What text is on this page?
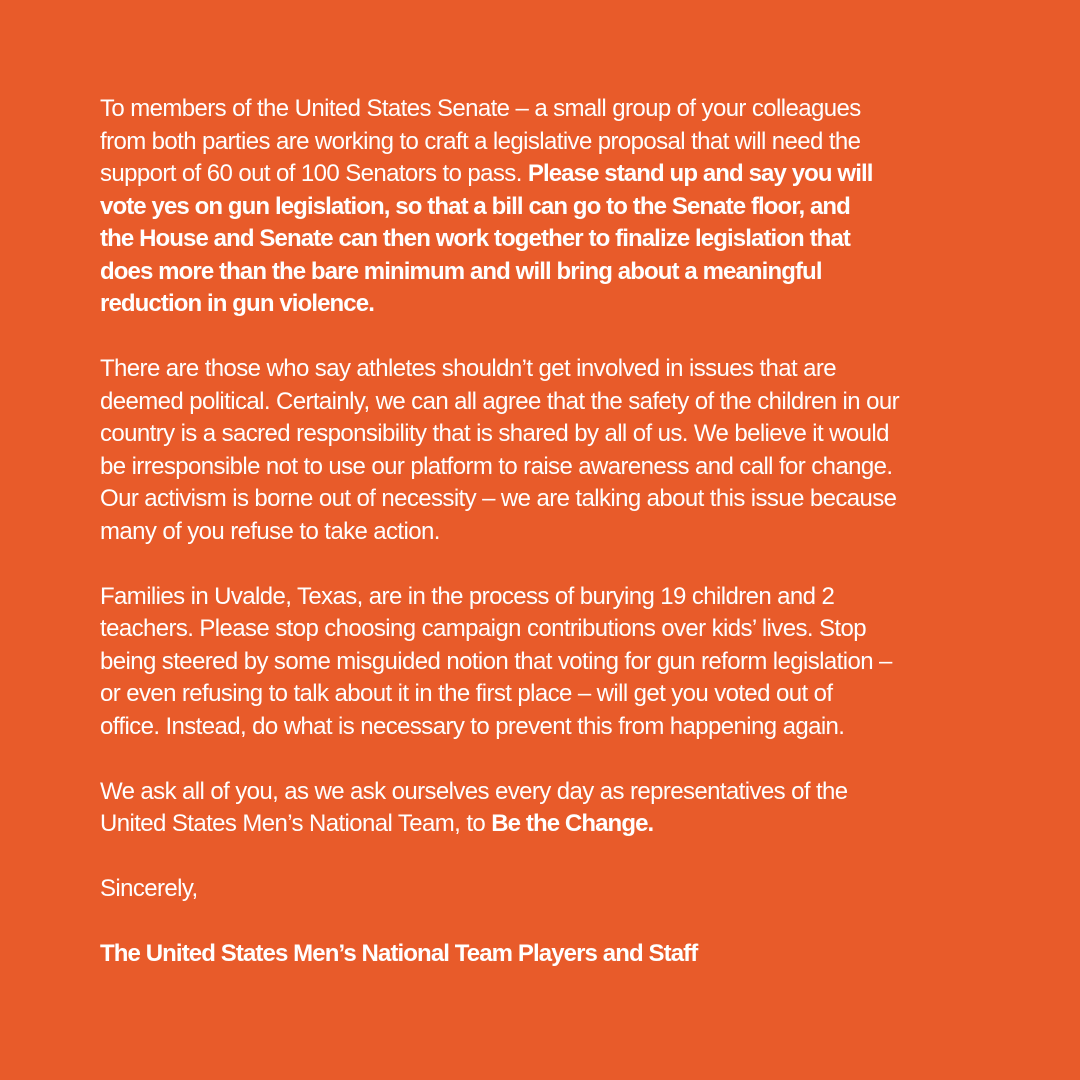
To members of the United States Senate – a small group of your colleagues
from both parties are working to craft a legislative proposal that will need the
support of 60 out of 100 Senators to pass. Please stand up and say you will
vote yes on gun legislation, so that a bill can go to the Senate floor, and
the House and Senate can then work together to finalize legislation that
does more than the bare minimum and will bring about a meaningful
reduction in gun violence.
There are those who say athletes shouldn’t get involved in issues that are
deemed political. Certainly, we can all agree that the safety of the children in our
country is a sacred responsibility that is shared by all of us. We believe it would
be irresponsible not to use our platform to raise awareness and call for change.
Our activism is borne out of necessity – we are talking about this issue because
many of you refuse to take action.
Families in Uvalde, Texas, are in the process of burying 19 children and 2
teachers. Please stop choosing campaign contributions over kids’ lives. Stop
being steered by some misguided notion that voting for gun reform legislation –
or even refusing to talk about it in the first place – will get you voted out of
office. Instead, do what is necessary to prevent this from happening again.
We ask all of you, as we ask ourselves every day as representatives of the
United States Men’s National Team, to Be the Change.
Sincerely,
The United States Men’s National Team Players and Staff
